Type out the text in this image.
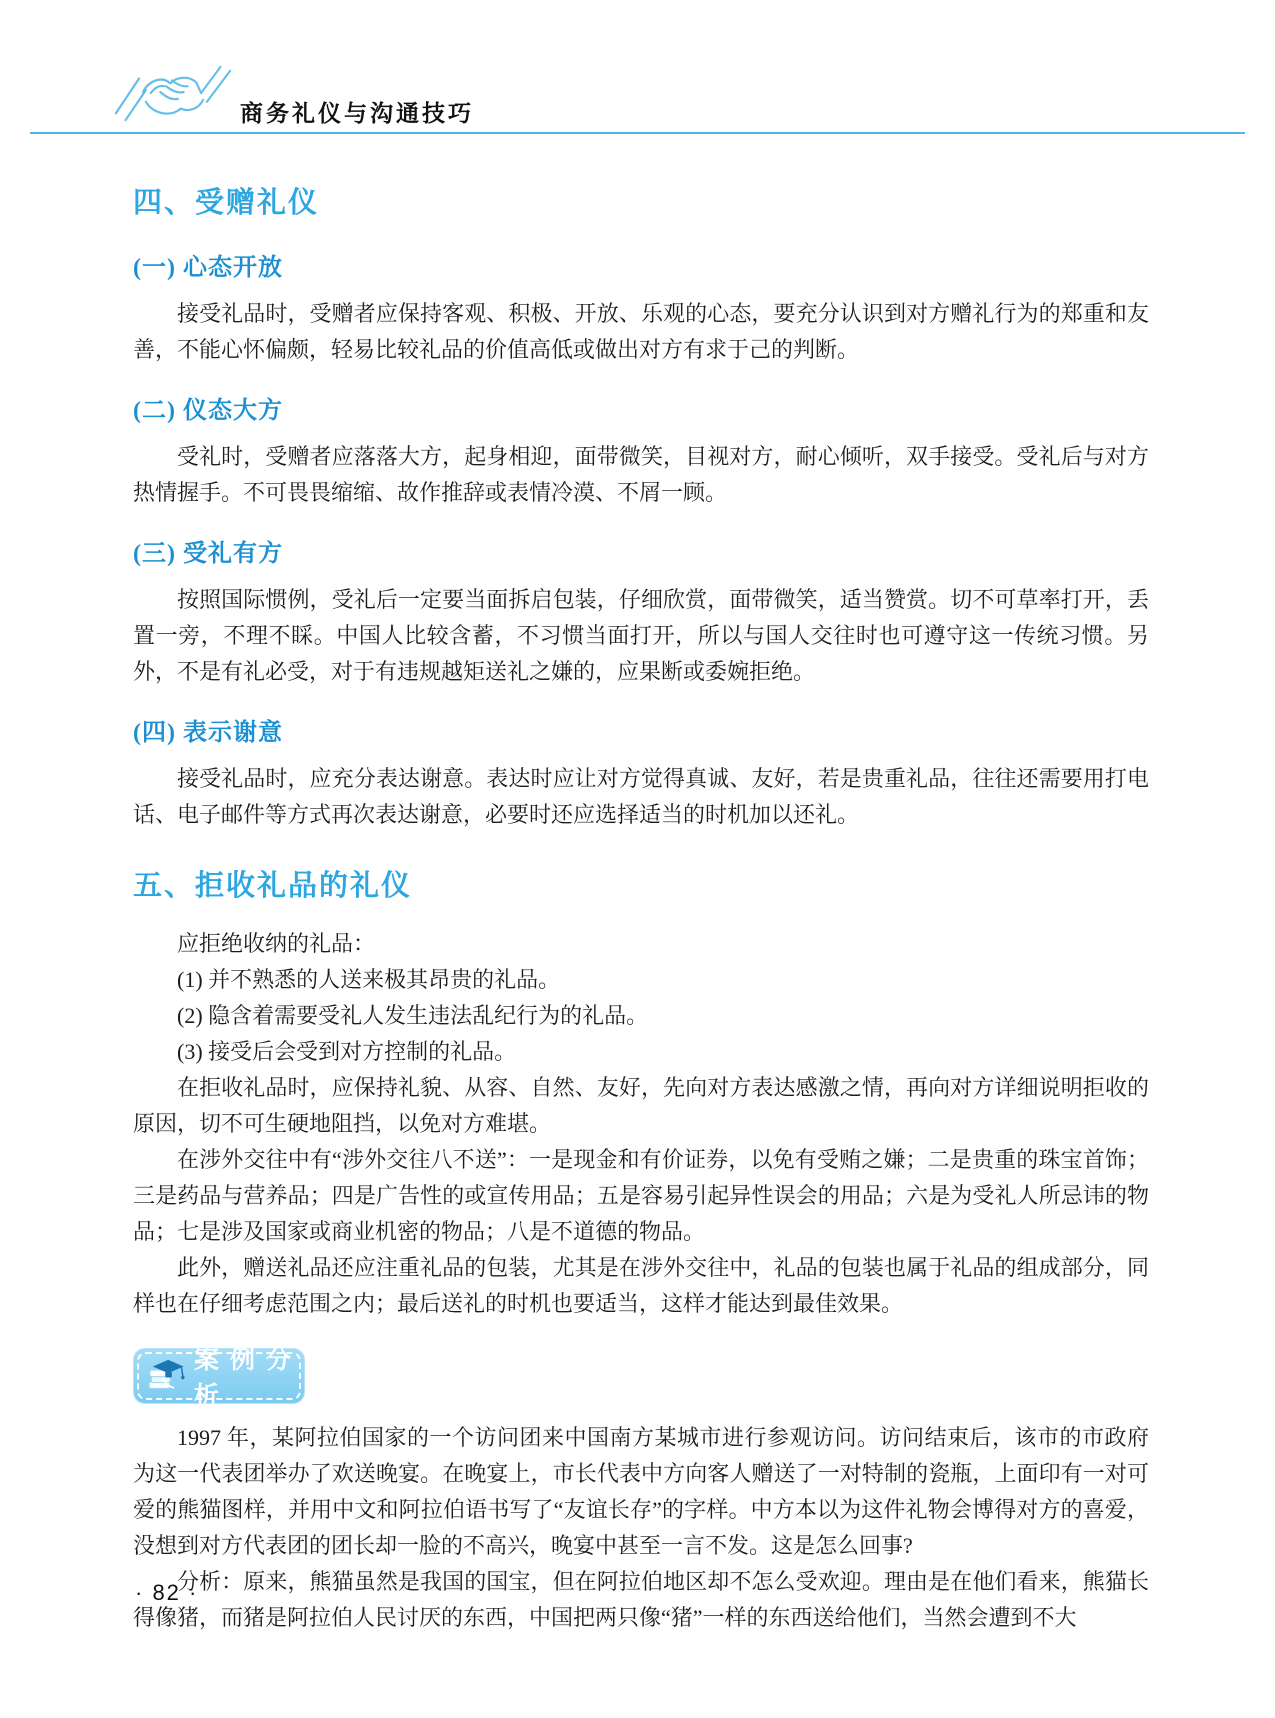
商务礼仪与沟通技巧
四、受赠礼仪
(一) 心态开放

接受礼品时，受赠者应保持客观、积极、开放、乐观的心态，要充分认识到对方赠礼行为的郑重和友善，不能心怀偏颇，轻易比较礼品的价值高低或做出对方有求于己的判断。

(二) 仪态大方

受礼时，受赠者应落落大方，起身相迎，面带微笑，目视对方，耐心倾听，双手接受。受礼后与对方热情握手。不可畏畏缩缩、故作推辞或表情冷漠、不屑一顾。

(三) 受礼有方

按照国际惯例，受礼后一定要当面拆启包装，仔细欣赏，面带微笑，适当赞赏。切不可草率打开，丢置一旁，不理不睬。中国人比较含蓄，不习惯当面打开，所以与国人交往时也可遵守这一传统习惯。另外，不是有礼必受，对于有违规越矩送礼之嫌的，应果断或委婉拒绝。

(四) 表示谢意

接受礼品时，应充分表达谢意。表达时应让对方觉得真诚、友好，若是贵重礼品，往往还需要用打电话、电子邮件等方式再次表达谢意，必要时还应选择适当的时机加以还礼。

五、拒收礼品的礼仪

应拒绝收纳的礼品：

(1) 并不熟悉的人送来极其昂贵的礼品。

(2) 隐含着需要受礼人发生违法乱纪行为的礼品。

(3) 接受后会受到对方控制的礼品。

在拒收礼品时，应保持礼貌、从容、自然、友好，先向对方表达感激之情，再向对方详细说明拒收的原因，切不可生硬地阻挡，以免对方难堪。

在涉外交往中有“涉外交往八不送”：一是现金和有价证券，以免有受贿之嫌；二是贵重的珠宝首饰；三是药品与营养品；四是广告性的或宣传用品；五是容易引起异性误会的用品；六是为受礼人所忌讳的物品；七是涉及国家或商业机密的物品；八是不道德的物品。

此外，赠送礼品还应注重礼品的包装，尤其是在涉外交往中，礼品的包装也属于礼品的组成部分，同样也在仔细考虑范围之内；最后送礼的时机也要适当，这样才能达到最佳效果。

案例分析

1997 年，某阿拉伯国家的一个访问团来中国南方某城市进行参观访问。访问结束后，该市的市政府为这一代表团举办了欢送晚宴。在晚宴上，市长代表中方向客人赠送了一对特制的瓷瓶，上面印有一对可爱的熊猫图样，并用中文和阿拉伯语书写了“友谊长存”的字样。中方本以为这件礼物会博得对方的喜爱，没想到对方代表团的团长却一脸的不高兴，晚宴中甚至一言不发。这是怎么回事?

分析：原来，熊猫虽然是我国的国宝，但在阿拉伯地区却不怎么受欢迎。理由是在他们看来，熊猫长得像猪，而猪是阿拉伯人民讨厌的东西，中国把两只像“猪”一样的东西送给他们，当然会遭到不大

· 82 ·
